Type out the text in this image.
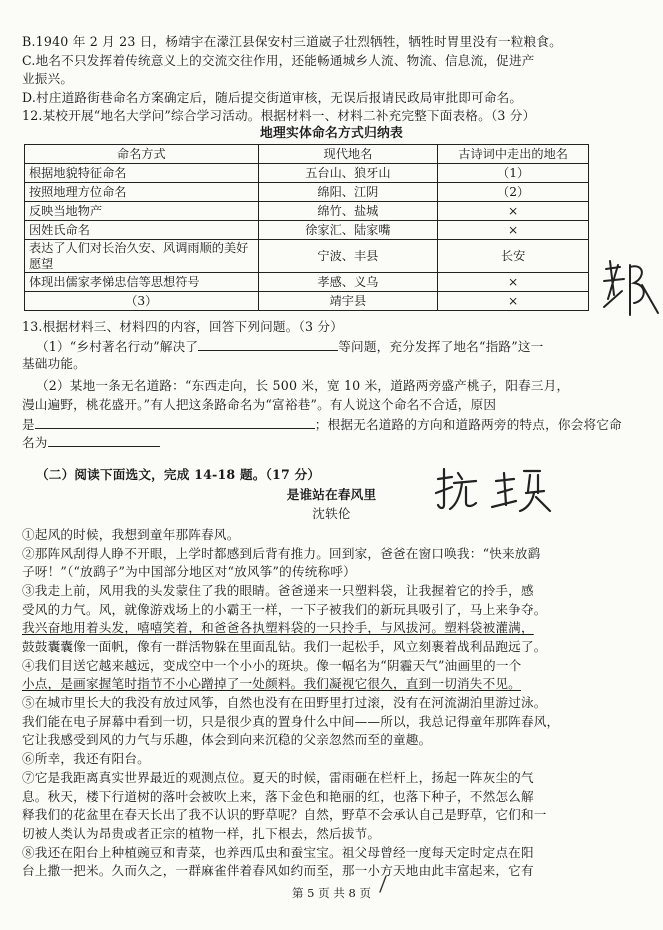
B.1940 年 2 月 23 日，杨靖宇在濛江县保安村三道崴子壮烈牺牲，牺牲时胃里没有一粒粮食。
C.地名不只发挥着传统意义上的交流交往作用，还能畅通城乡人流、物流、信息流，促进产
业振兴。
D.村庄道路街巷命名方案确定后，随后提交街道审核，无误后报请民政局审批即可命名。
12.某校开展“地名大学问”综合学习活动。根据材料一、材料二补充完整下面表格。（3 分）
地理实体命名方式归纳表
命名方式	现代地名	古诗词中走出的地名
根据地貌特征命名	五台山、狼牙山	（1）
按照地理方位命名	绵阳、江阴	（2）
反映当地物产	绵竹、盐城	×
因姓氏命名	徐家汇、陆家嘴	×
表达了人们对长治久安、风调雨顺的美好愿望	宁波、丰县	长安
体现出儒家孝悌忠信等思想符号	孝感、义乌	×
（3）	靖宇县	×
13.根据材料三、材料四的内容，回答下列问题。（3 分）
（1）“乡村著名行动”解决了	等问题，充分发挥了地名“指路”这一
基础功能。
（2）某地一条无名道路：“东西走向，长 500 米，宽 10 米，道路两旁盛产桃子，阳春三月，
漫山遍野，桃花盛开。”有人把这条路命名为“富裕巷”。有人说这个命名不合适，原因
是	；根据无名道路的方向和道路两旁的特点，你会将它命
名为
（二）阅读下面选文，完成 14-18 题。（17 分）
是谁站在春风里
沈轶伦
①起风的时候，我想到童年那阵春风。
②那阵风刮得人睁不开眼，上学时都感到后背有推力。回到家，爸爸在窗口唤我：“快来放鹞
子呀！”（“放鹞子”为中国部分地区对“放风筝”的传统称呼）
③我走上前，风用我的头发蒙住了我的眼睛。爸爸递来一只塑料袋，让我握着它的拎手，感
受风的力气。风，就像游戏场上的小霸王一样，一下子被我们的新玩具吸引了，马上来争夺。
我兴奋地用着头发，嘻嘻笑着，和爸爸各执塑料袋的一只拎手，与风拔河。塑料袋被灌满，
鼓鼓囊囊像一面帆，像有一群活物躲在里面乱钻。我们一起松手，风立刻裹着战利品跑远了。
④我们目送它越来越远，变成空中一个小小的斑块。像一幅名为“阴霾天气”油画里的一个
小点，是画家握笔时指节不小心蹭掉了一处颜料。我们凝视它很久，直到一切消失不见。
⑤在城市里长大的我没有放过风筝，自然也没有在田野里打过滚，没有在河流湖泊里游过泳。
我们能在电子屏幕中看到一切，只是很少真的置身什么中间——所以，我总记得童年那阵春风，
它让我感受到风的力气与乐趣，体会到向来沉稳的父亲忽然而至的童趣。
⑥所幸，我还有阳台。
⑦它是我距离真实世界最近的观测点位。夏天的时候，雷雨砸在栏杆上，扬起一阵灰尘的气
息。秋天，楼下行道树的落叶会被吹上来，落下金色和艳丽的红，也落下种子，不然怎么解
释我们的花盆里在春天长出了我不认识的野草呢？自然，野草不会承认自己是野草，它们和一
切被人类认为昂贵或者正宗的植物一样，扎下根去，然后拔节。
⑧我还在阳台上种植豌豆和青菜，也养西瓜虫和蚕宝宝。祖父母曾经一度每天定时定点在阳
台上撒一把米。久而久之，一群麻雀伴着春风如约而至，那一小方天地由此丰富起来，它有
第 5 页 共 8 页
